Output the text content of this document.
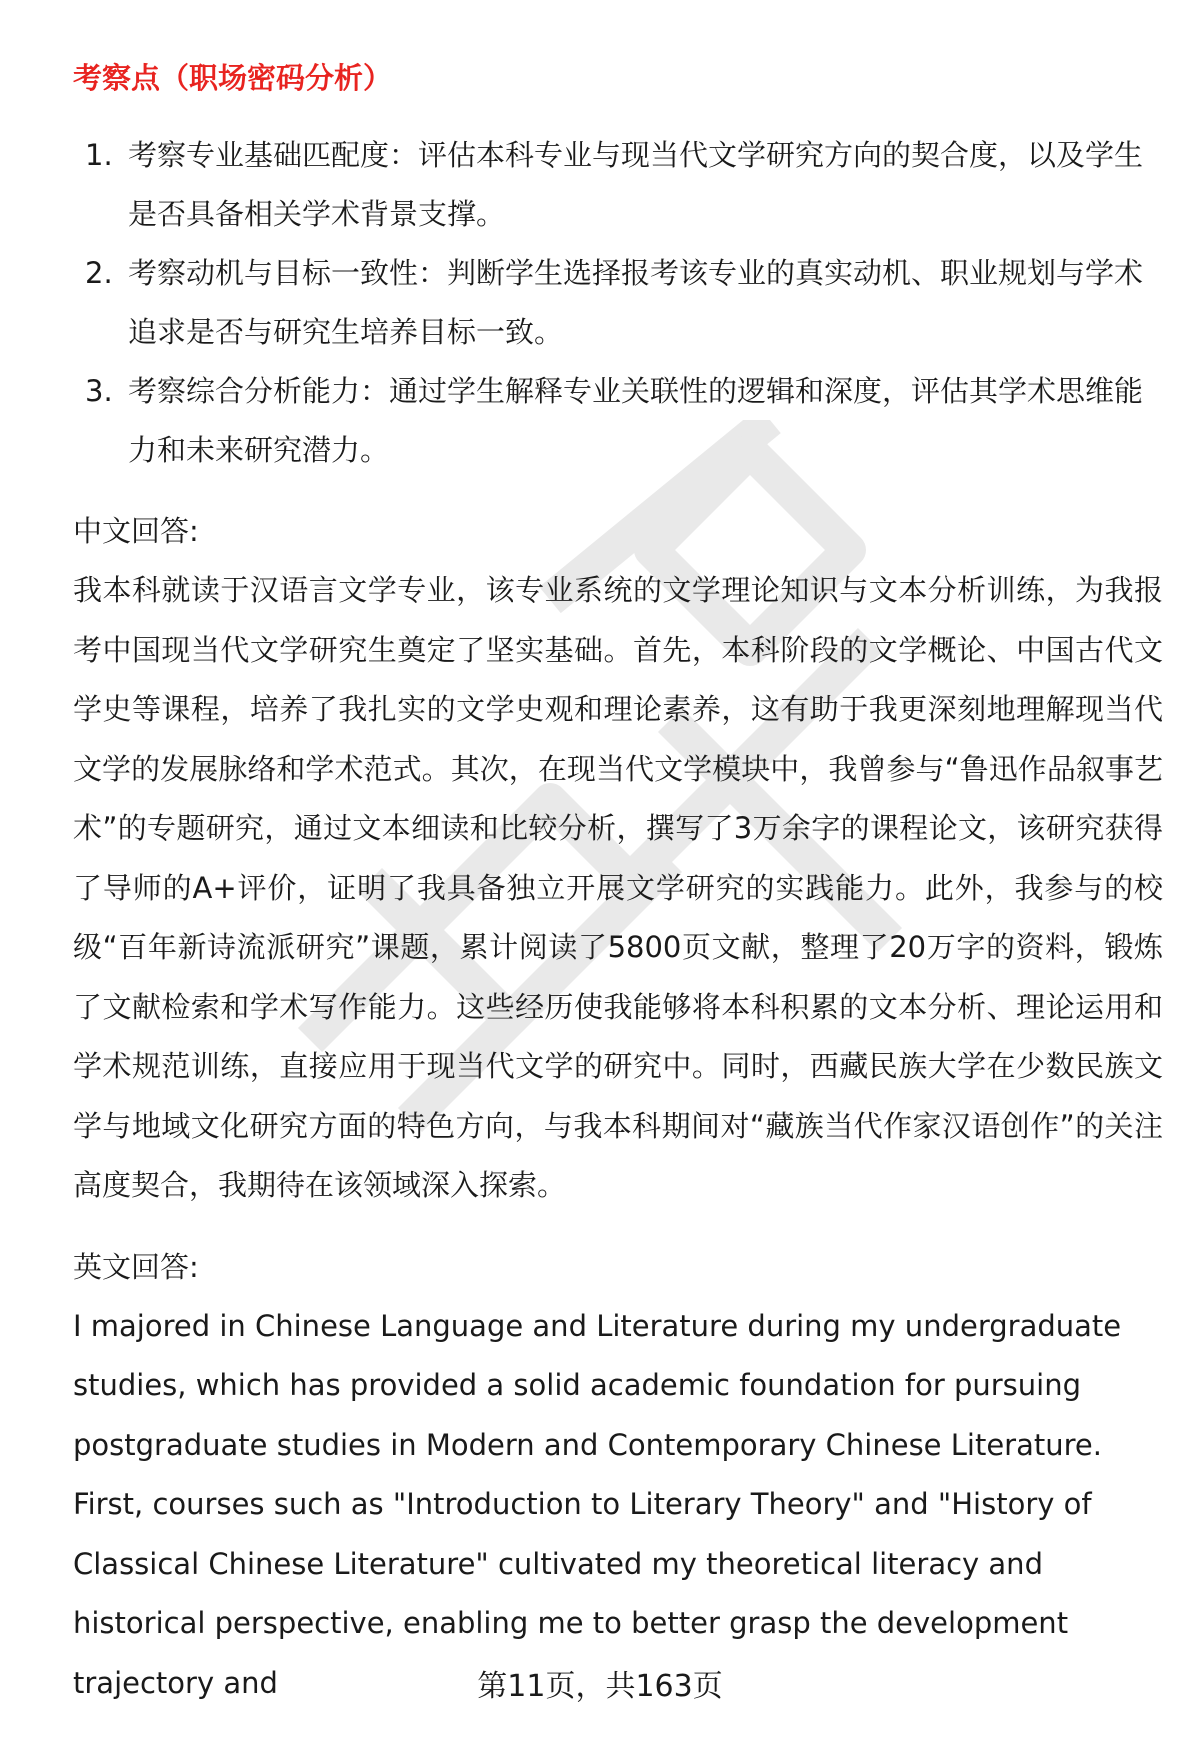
考察点（职场密码分析）
1. 考察专业基础匹配度：评估本科专业与现当代文学研究方向的契合度，以及学生是否具备相关学术背景支撑。
2. 考察动机与目标一致性：判断学生选择报考该专业的真实动机、职业规划与学术追求是否与研究生培养目标一致。
3. 考察综合分析能力：通过学生解释专业关联性的逻辑和深度，评估其学术思维能力和未来研究潜力。
中文回答:
我本科就读于汉语言文学专业，该专业系统的文学理论知识与文本分析训练，为我报考中国现当代文学研究生奠定了坚实基础。首先，本科阶段的文学概论、中国古代文学史等课程，培养了我扎实的文学史观和理论素养，这有助于我更深刻地理解现当代文学的发展脉络和学术范式。其次，在现当代文学模块中，我曾参与“鲁迅作品叙事艺术”的专题研究，通过文本细读和比较分析，撰写了3万余字的课程论文，该研究获得了导师的A+评价，证明了我具备独立开展文学研究的实践能力。此外，我参与的校级“百年新诗流派研究”课题，累计阅读了5800页文献，整理了20万字的资料，锻炼了文献检索和学术写作能力。这些经历使我能够将本科积累的文本分析、理论运用和学术规范训练，直接应用于现当代文学的研究中。同时，西藏民族大学在少数民族文学与地域文化研究方面的特色方向，与我本科期间对“藏族当代作家汉语创作”的关注高度契合，我期待在该领域深入探索。
英文回答:
I majored in Chinese Language and Literature during my undergraduate studies, which has provided a solid academic foundation for pursuing postgraduate studies in Modern and Contemporary Chinese Literature. First, courses such as "Introduction to Literary Theory" and "History of Classical Chinese Literature" cultivated my theoretical literacy and historical perspective, enabling me to better grasp the development trajectory and	第11页，共163页
